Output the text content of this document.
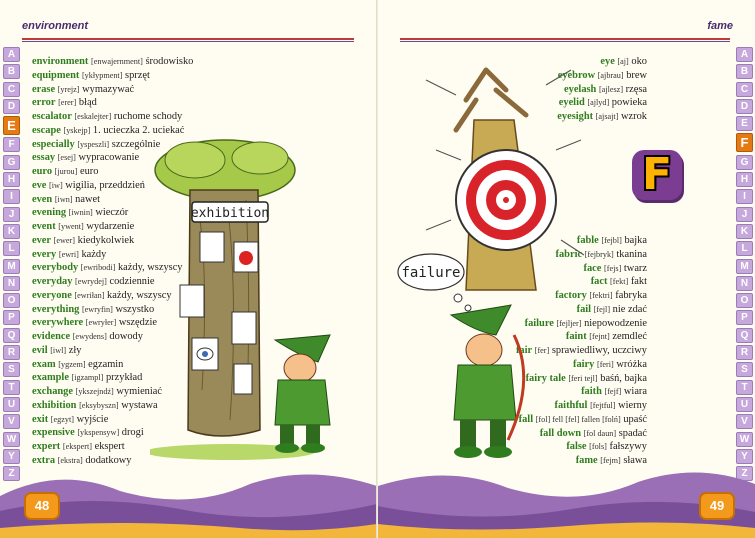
environment
A
B
C
D
E
F
G
H
I
J
K
L
M
N
O
P
Q
R
S
T
U
V
W
Y
Z
environment [enwajernment] środowisko
equipment [ykłypment] sprzęt
erase [yrejz] wymazywać
error [erer] błąd
escalator [eskalejter] ruchome schody
escape [yskejp] 1. ucieczka 2. uciekać
especially [yspeszli] szczególnie
essay [esej] wypracowanie
euro [jurou] euro
eve [iw] wigilia, przeddzień
even [iwn] nawet
evening [iwnin] wieczór
event [ywent] wydarzenie
ever [ewer] kiedykolwiek
every [ewri] każdy
everybody [ewribodi] każdy, wszyscy
everyday [ewrydej] codziennie
everyone [ewriłan] każdy, wszyscy
everything [ewryfin] wszystko
everywhere [ewryłer] wszędzie
evidence [ewydens] dowody
evil [iwl] zły
exam [ygzem] egzamin
example [igzampl] przykład
exchange [ykszejndż] wymieniać
exhibition [eksybyszn] wystawa
exit [egzyt] wyjście
expensive [ykspensyw] drogi
expert [ekspert] ekspert
extra [ekstra] dodatkowy
exhibition
48
fame
A
B
C
D
E
F
G
H
I
J
K
L
M
N
O
P
Q
R
S
T
U
V
W
Y
Z
eye [aj] oko
eyebrow [ajbrau] brew
eyelash [ajlesz] rzęsa
eyelid [ajlyd] powieka
eyesight [ajsajt] wzrok
fable [fejbl] bajka
fabric [fejbryk] tkanina
face [fejs] twarz
fact [fekt] fakt
factory [fektri] fabryka
fail [fejl] nie zdać
failure [fejljer] niepowodzenie
faint [fejnt] zemdleć
fair [fer] sprawiedliwy, uczciwy
fairy [feri] wróżka
fairy tale [feri tejl] baśń, bajka
faith [fejf] wiara
faithful [fejtful] wierny
fall [fol] fell [fel] fallen [folń] upaść
fall down [fol daun] spadać
false [fols] fałszywy
fame [fejm] sława
F
failure
49
